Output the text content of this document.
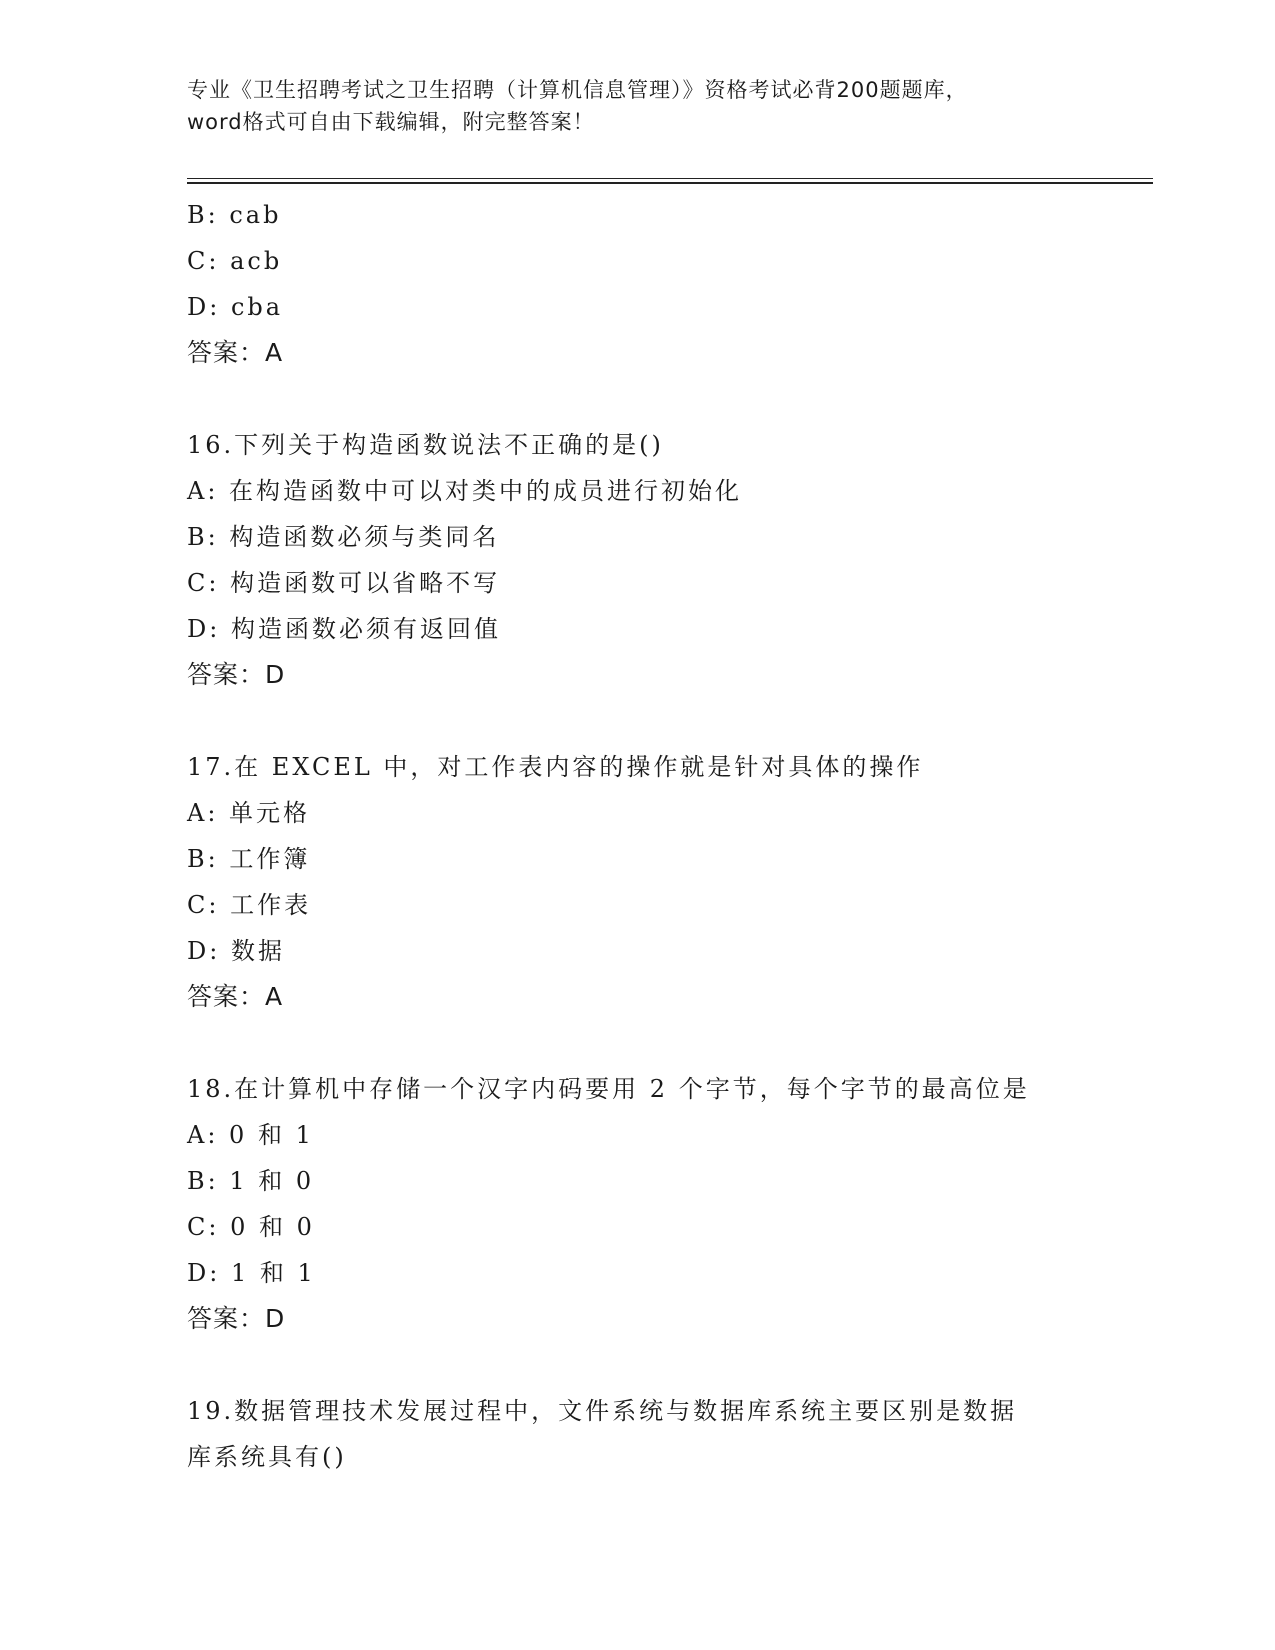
专业《卫生招聘考试之卫生招聘（计算机信息管理）》资格考试必背200题题库，
word格式可自由下载编辑，附完整答案！
B: cab
C: acb
D: cba
答案：A
16.下列关于构造函数说法不正确的是()
A: 在构造函数中可以对类中的成员进行初始化
B: 构造函数必须与类同名
C: 构造函数可以省略不写
D: 构造函数必须有返回值
答案：D
17.在 EXCEL 中，对工作表内容的操作就是针对具体的操作
A: 单元格
B: 工作簿
C: 工作表
D: 数据
答案：A
18.在计算机中存储一个汉字内码要用 2 个字节，每个字节的最高位是
A: 0 和 1
B: 1 和 0
C: 0 和 0
D: 1 和 1
答案：D
19.数据管理技术发展过程中，文件系统与数据库系统主要区别是数据
库系统具有()
